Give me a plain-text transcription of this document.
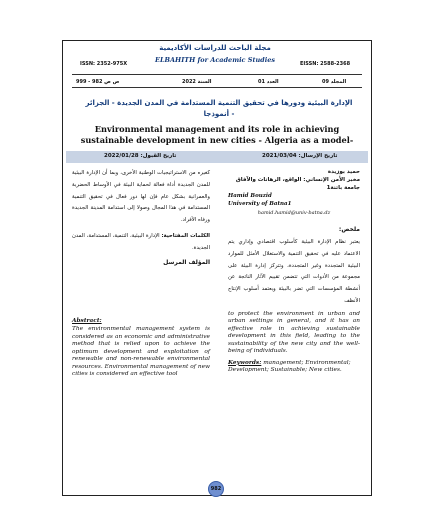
مجلة الباحث للدراسات الأكاديمية
ELBAHITH for Academic Studies
ISSN: 2352-975X	EISSN: 2588-2368
ص ص 982 - 999	السنة 2022	العدد 01	المجلد 09
الإدارة البيئية ودورها في تحقيق التنمية المستدامة في المدن الجديدة - الجزائر أنموذجا -
Environmental management and its role in achieving sustainable development in new cities - Algeria as a model-
تاريخ القبول: 2022/01/28	تاريخ الإرسال: 2021/03/04
حميد بوزيدة
مخبر الأمن الإنساني: الواقع، الرهانات والآفاق
جامعة باتنة1
Hamid Bouzid
University of Batna1
hamid.hamid@univ-batna.dz
ملخص:
يعتبر نظام الإدارة البيئية كأسلوب اقتصادي وإداري يتم الاعتماد عليه في تحقيق التنمية والاستغلال الأمثل للموارد البيئية المتجددة وغير المتجددة، وتتركز إدارة البيئة على مجموعة من الأدوات التي تتضمن تقييم الآثار الناتجة عن أنشطة المؤسسات التي تضر بالبيئة ويعتمد أسلوب الإنتاج الأنظف
to protect the environment in urban and urban settings in general, and it has an effective role in achieving sustainable development in this field, leading to the sustainability of the new city and the well-being of individuals.
Keywords: management; Environmental; Development; Sustainable; New cities.
كغيره من الاستراتيجيات الوطنية الأخرى، وبما أن الإدارة البيئية للمدن الجديدة أداة فعالة لحماية البيئة في الأوساط الحضرية والعمرانية بشكل عام فإن لها دور فعال في تحقيق التنمية المستدامة في هذا المجال وصولا إلى استدامة المدينة الجديدة ورفاه الأفراد.
الكلمات المفتاحية: الإدارة البيئية، التنمية، المستدامة، المدن الجديدة.
المؤلف المرسل
Abstract:
The environmental management system is considered as an economic and administrative method that is relied upon to achieve the optimum development and exploitation of renewable and non-renewable environmental resources. Environmental management of new cities is considered an effective tool
982
